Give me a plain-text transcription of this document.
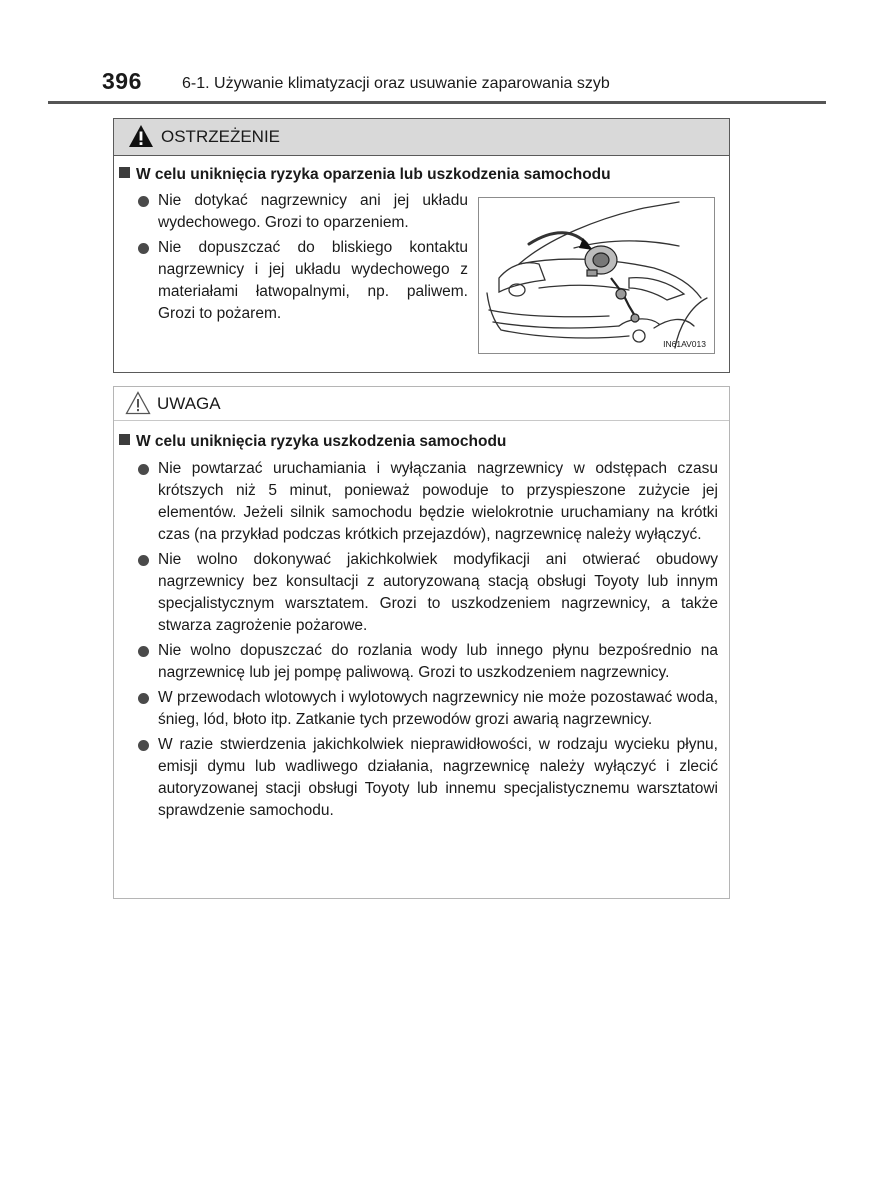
396	6-1. Używanie klimatyzacji oraz usuwanie zaparowania szyb
OSTRZEŻENIE
W celu uniknięcia ryzyka oparzenia lub uszkodzenia samochodu
Nie dotykać nagrzewnicy ani jej układu wydechowego. Grozi to oparzeniem.
Nie dopuszczać do bliskiego kontaktu nagrzewnicy i jej układu wydechowego z materiałami łatwopalnymi, np. paliwem. Grozi to pożarem.
IN61AV013
UWAGA
W celu uniknięcia ryzyka uszkodzenia samochodu
Nie powtarzać uruchamiania i wyłączania nagrzewnicy w odstępach czasu krótszych niż 5 minut, ponieważ powoduje to przyspieszone zużycie jej elementów. Jeżeli silnik samochodu będzie wielokrotnie uruchamiany na krótki czas (na przykład podczas krótkich przejazdów), nagrzewnicę należy wyłączyć.
Nie wolno dokonywać jakichkolwiek modyfikacji ani otwierać obudowy nagrzewnicy bez konsultacji z autoryzowaną stacją obsługi Toyoty lub innym specjalistycznym warsztatem. Grozi to uszkodzeniem nagrzewnicy, a także stwarza zagrożenie pożarowe.
Nie wolno dopuszczać do rozlania wody lub innego płynu bezpośrednio na nagrzewnicę lub jej pompę paliwową. Grozi to uszkodzeniem nagrzewnicy.
W przewodach wlotowych i wylotowych nagrzewnicy nie może pozostawać woda, śnieg, lód, błoto itp. Zatkanie tych przewodów grozi awarią nagrzewnicy.
W razie stwierdzenia jakichkolwiek nieprawidłowości, w rodzaju wycieku płynu, emisji dymu lub wadliwego działania, nagrzewnicę należy wyłączyć i zlecić autoryzowanej stacji obsługi Toyoty lub innemu specjalistycznemu warsztatowi sprawdzenie samochodu.
